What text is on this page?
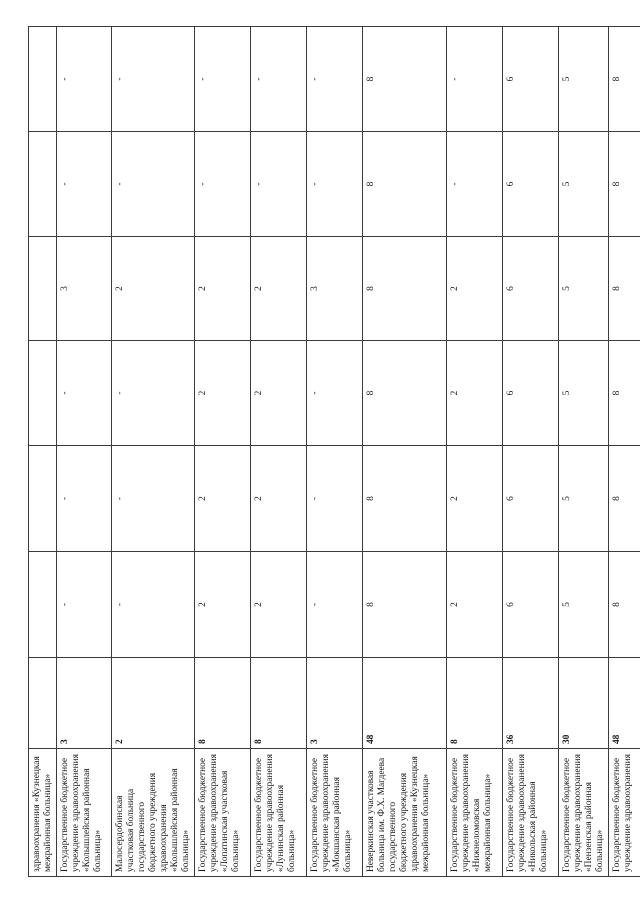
здравоохранения «Кузнецкая межрайонная больница»							
Государственное бюджетное учреждение здравоохранения «Колышлейская районная больница»	3	-	-	-	3	-	-
Малосердобинская участковая больница государственного бюджетного учреждения здравоохранения «Колышлейская районная больница»	2	-	-	-	2	-	-
Государственное бюджетное учреждение здравоохранения «Лопатинская участковая больница»	8	2	2	2	2	-	-
Государственное бюджетное учреждение здравоохранения «Лунинская районная больница»	8	2	2	2	2	-	-
Государственное бюджетное учреждение здравоохранения «Мокшанская районная больница»	3	-	-	-	3	-	-
Неверкинская участковая больница им. Ф.Х. Магдеева государственного бюджетного учреждения здравоохранения «Кузнецкая межрайонная больница»	48	8	8	8	8	8	8
Государственное бюджетное учреждение здравоохранения «Нижнеломовская межрайонная больница»	8	2	2	2	2	-	-
Государственное бюджетное учреждение здравоохранения «Никольская районная больница»	36	6	6	6	6	6	6
Государственное бюджетное учреждение здравоохранения «Пензенская районная больница»	30	5	5	5	5	5	5
Государственное бюджетное учреждение здравоохранения	48	8	8	8	8	8	8
